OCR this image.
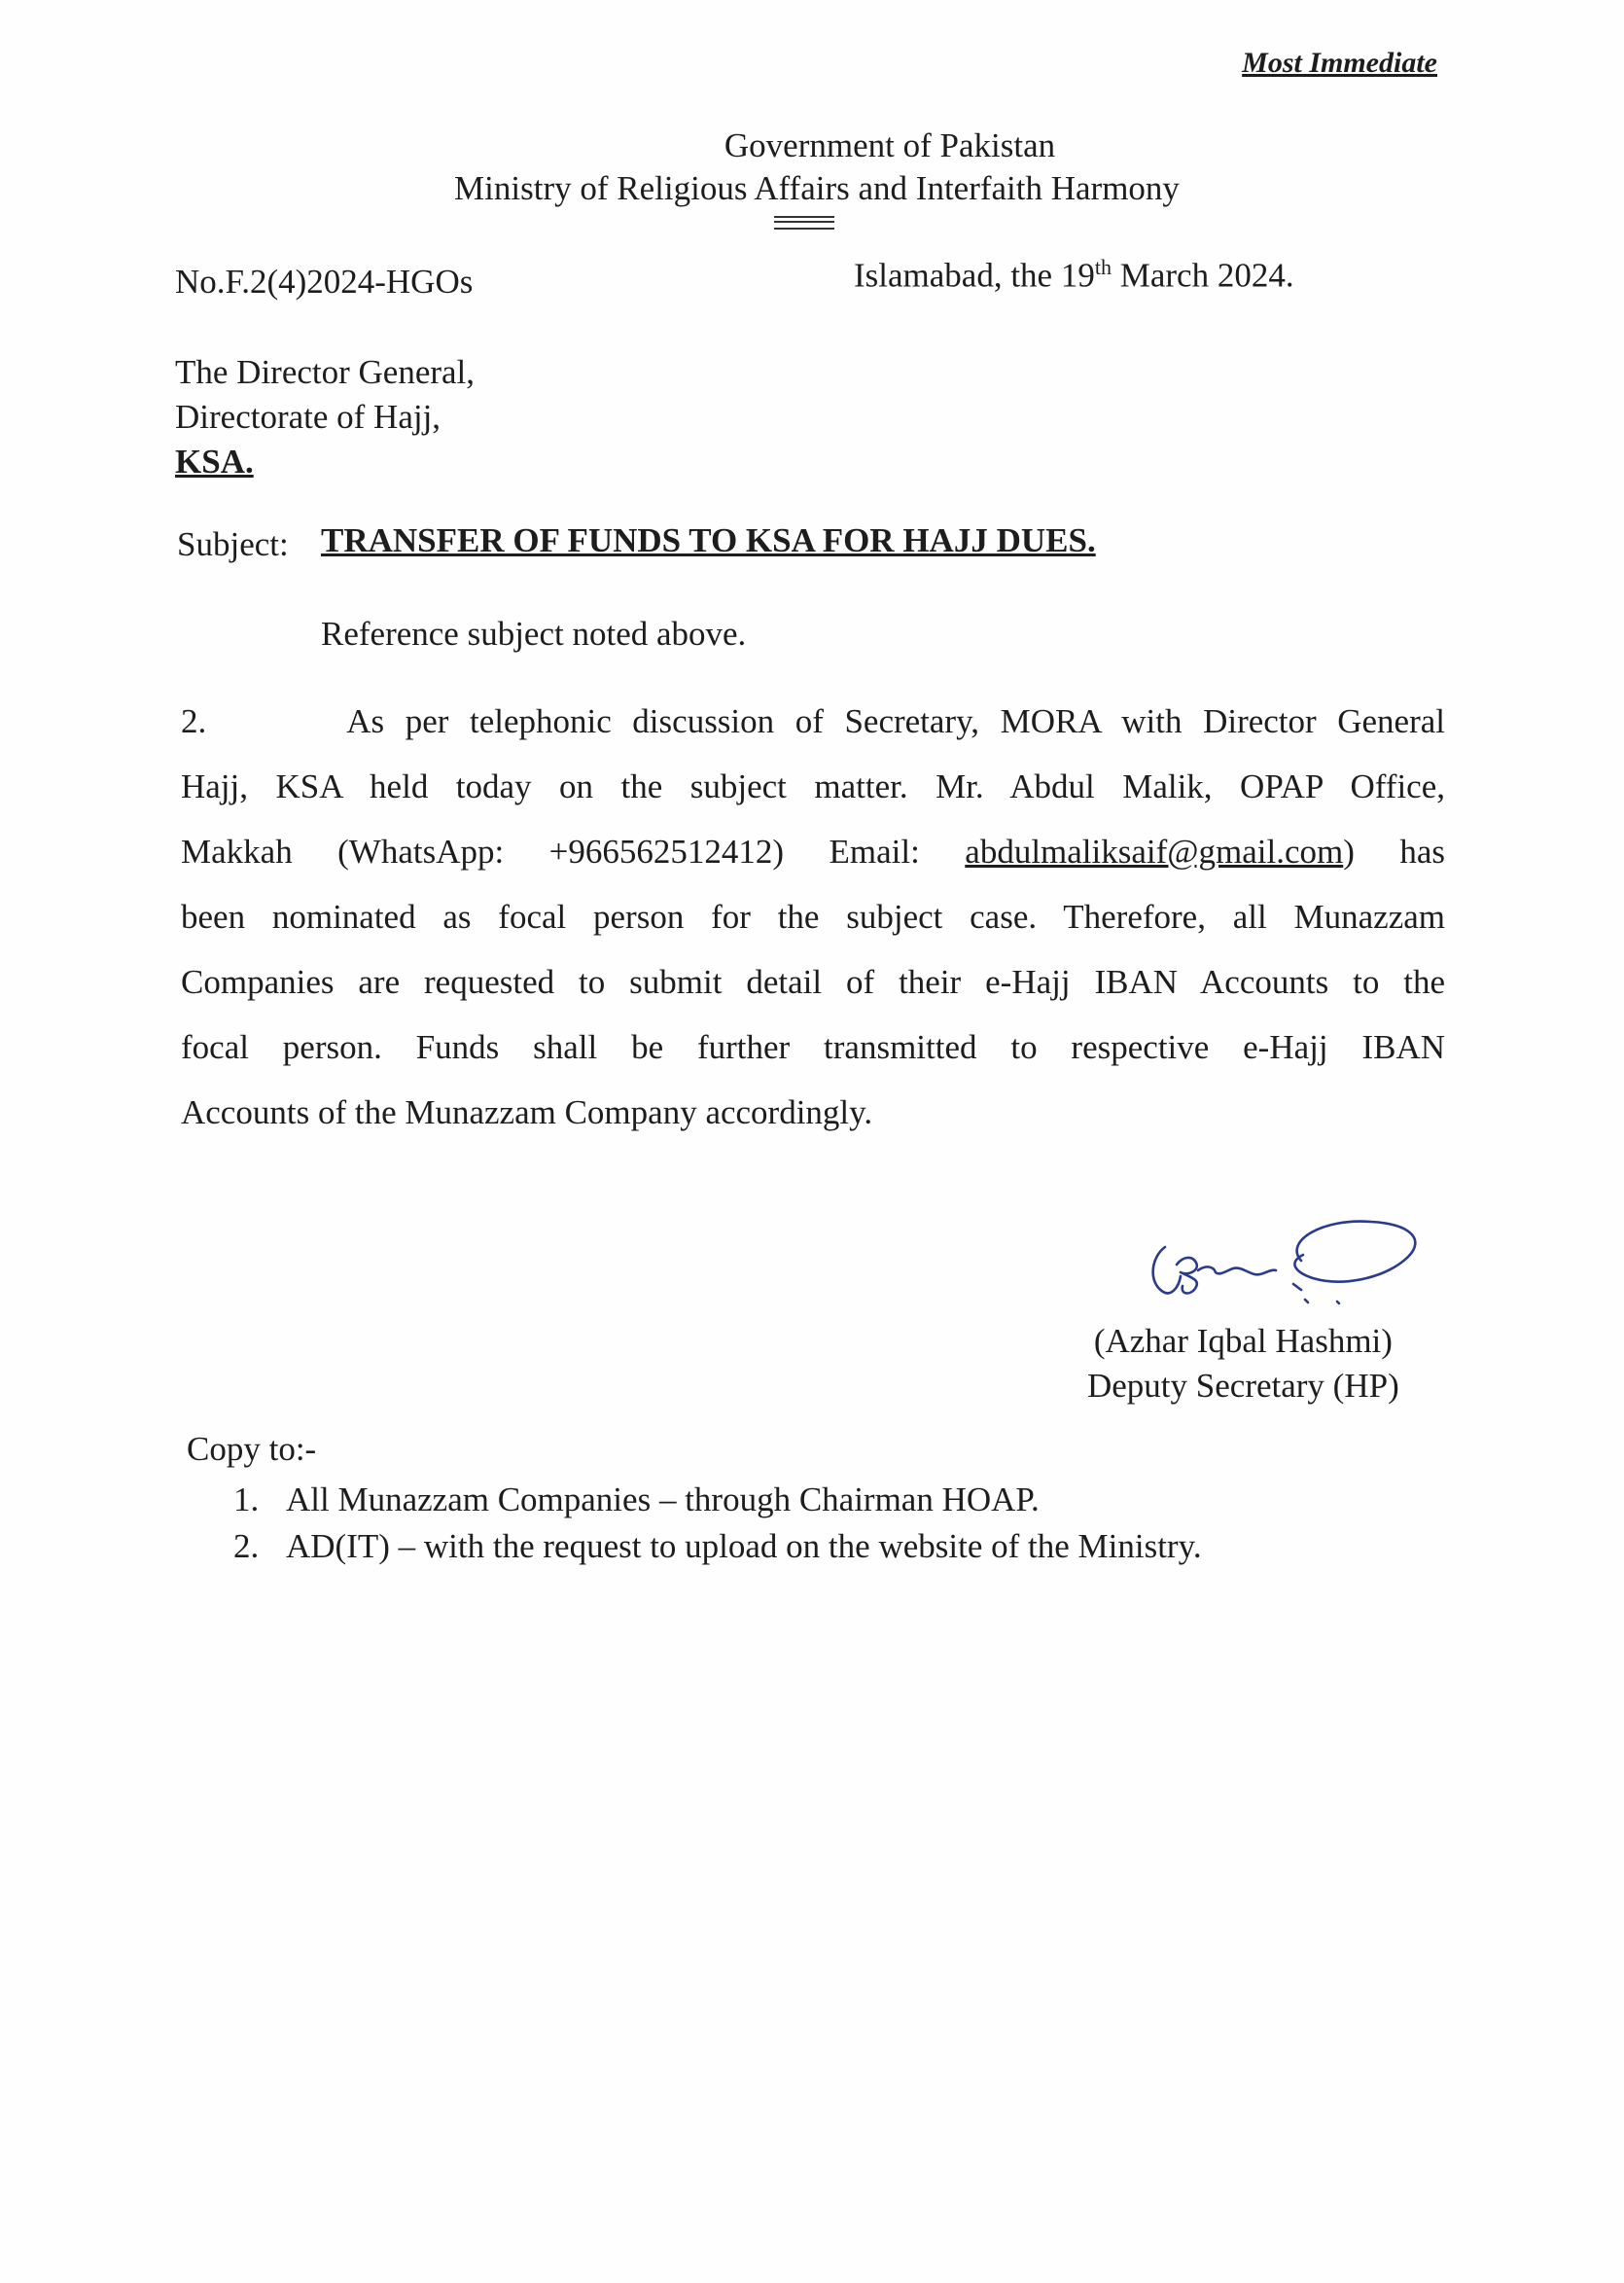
Most Immediate
Government of Pakistan
Ministry of Religious Affairs and Interfaith Harmony
No.F.2(4)2024-HGOs	Islamabad, the 19th March 2024.
The Director General,
Directorate of Hajj,
KSA.
Subject: TRANSFER OF FUNDS TO KSA FOR HAJJ DUES.
Reference subject noted above.
2.	As per telephonic discussion of Secretary, MORA with Director General
Hajj, KSA held today on the subject matter. Mr. Abdul Malik, OPAP Office,
Makkah (WhatsApp: +966562512412) Email: abdulmaliksaif@gmail.com) has
been nominated as focal person for the subject case. Therefore, all Munazzam
Companies are requested to submit detail of their e-Hajj IBAN Accounts to the
focal person. Funds shall be further transmitted to respective e-Hajj IBAN
Accounts of the Munazzam Company accordingly.
(Azhar Iqbal Hashmi)
Deputy Secretary (HP)
Copy to:-
1. All Munazzam Companies – through Chairman HOAP.
2. AD(IT) – with the request to upload on the website of the Ministry.
